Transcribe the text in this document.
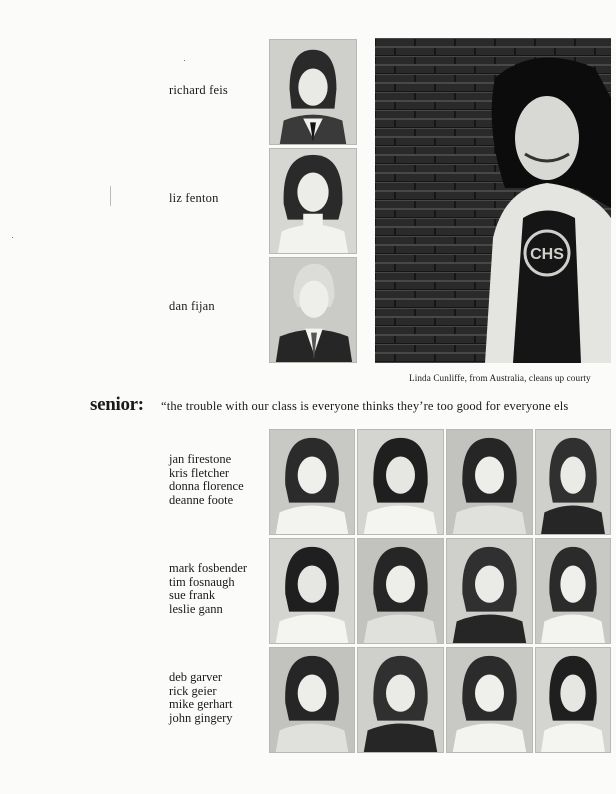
richard feis
liz fenton
dan fijan
CHS
Linda Cunliffe, from Australia, cleans up courty
senior: “the trouble with our class is everyone thinks they’re too good for everyone els
jan firestone
kris fletcher
donna florence
deanne foote
mark fosbender
tim fosnaugh
sue frank
leslie gann
deb garver
rick geier
mike gerhart
john gingery
